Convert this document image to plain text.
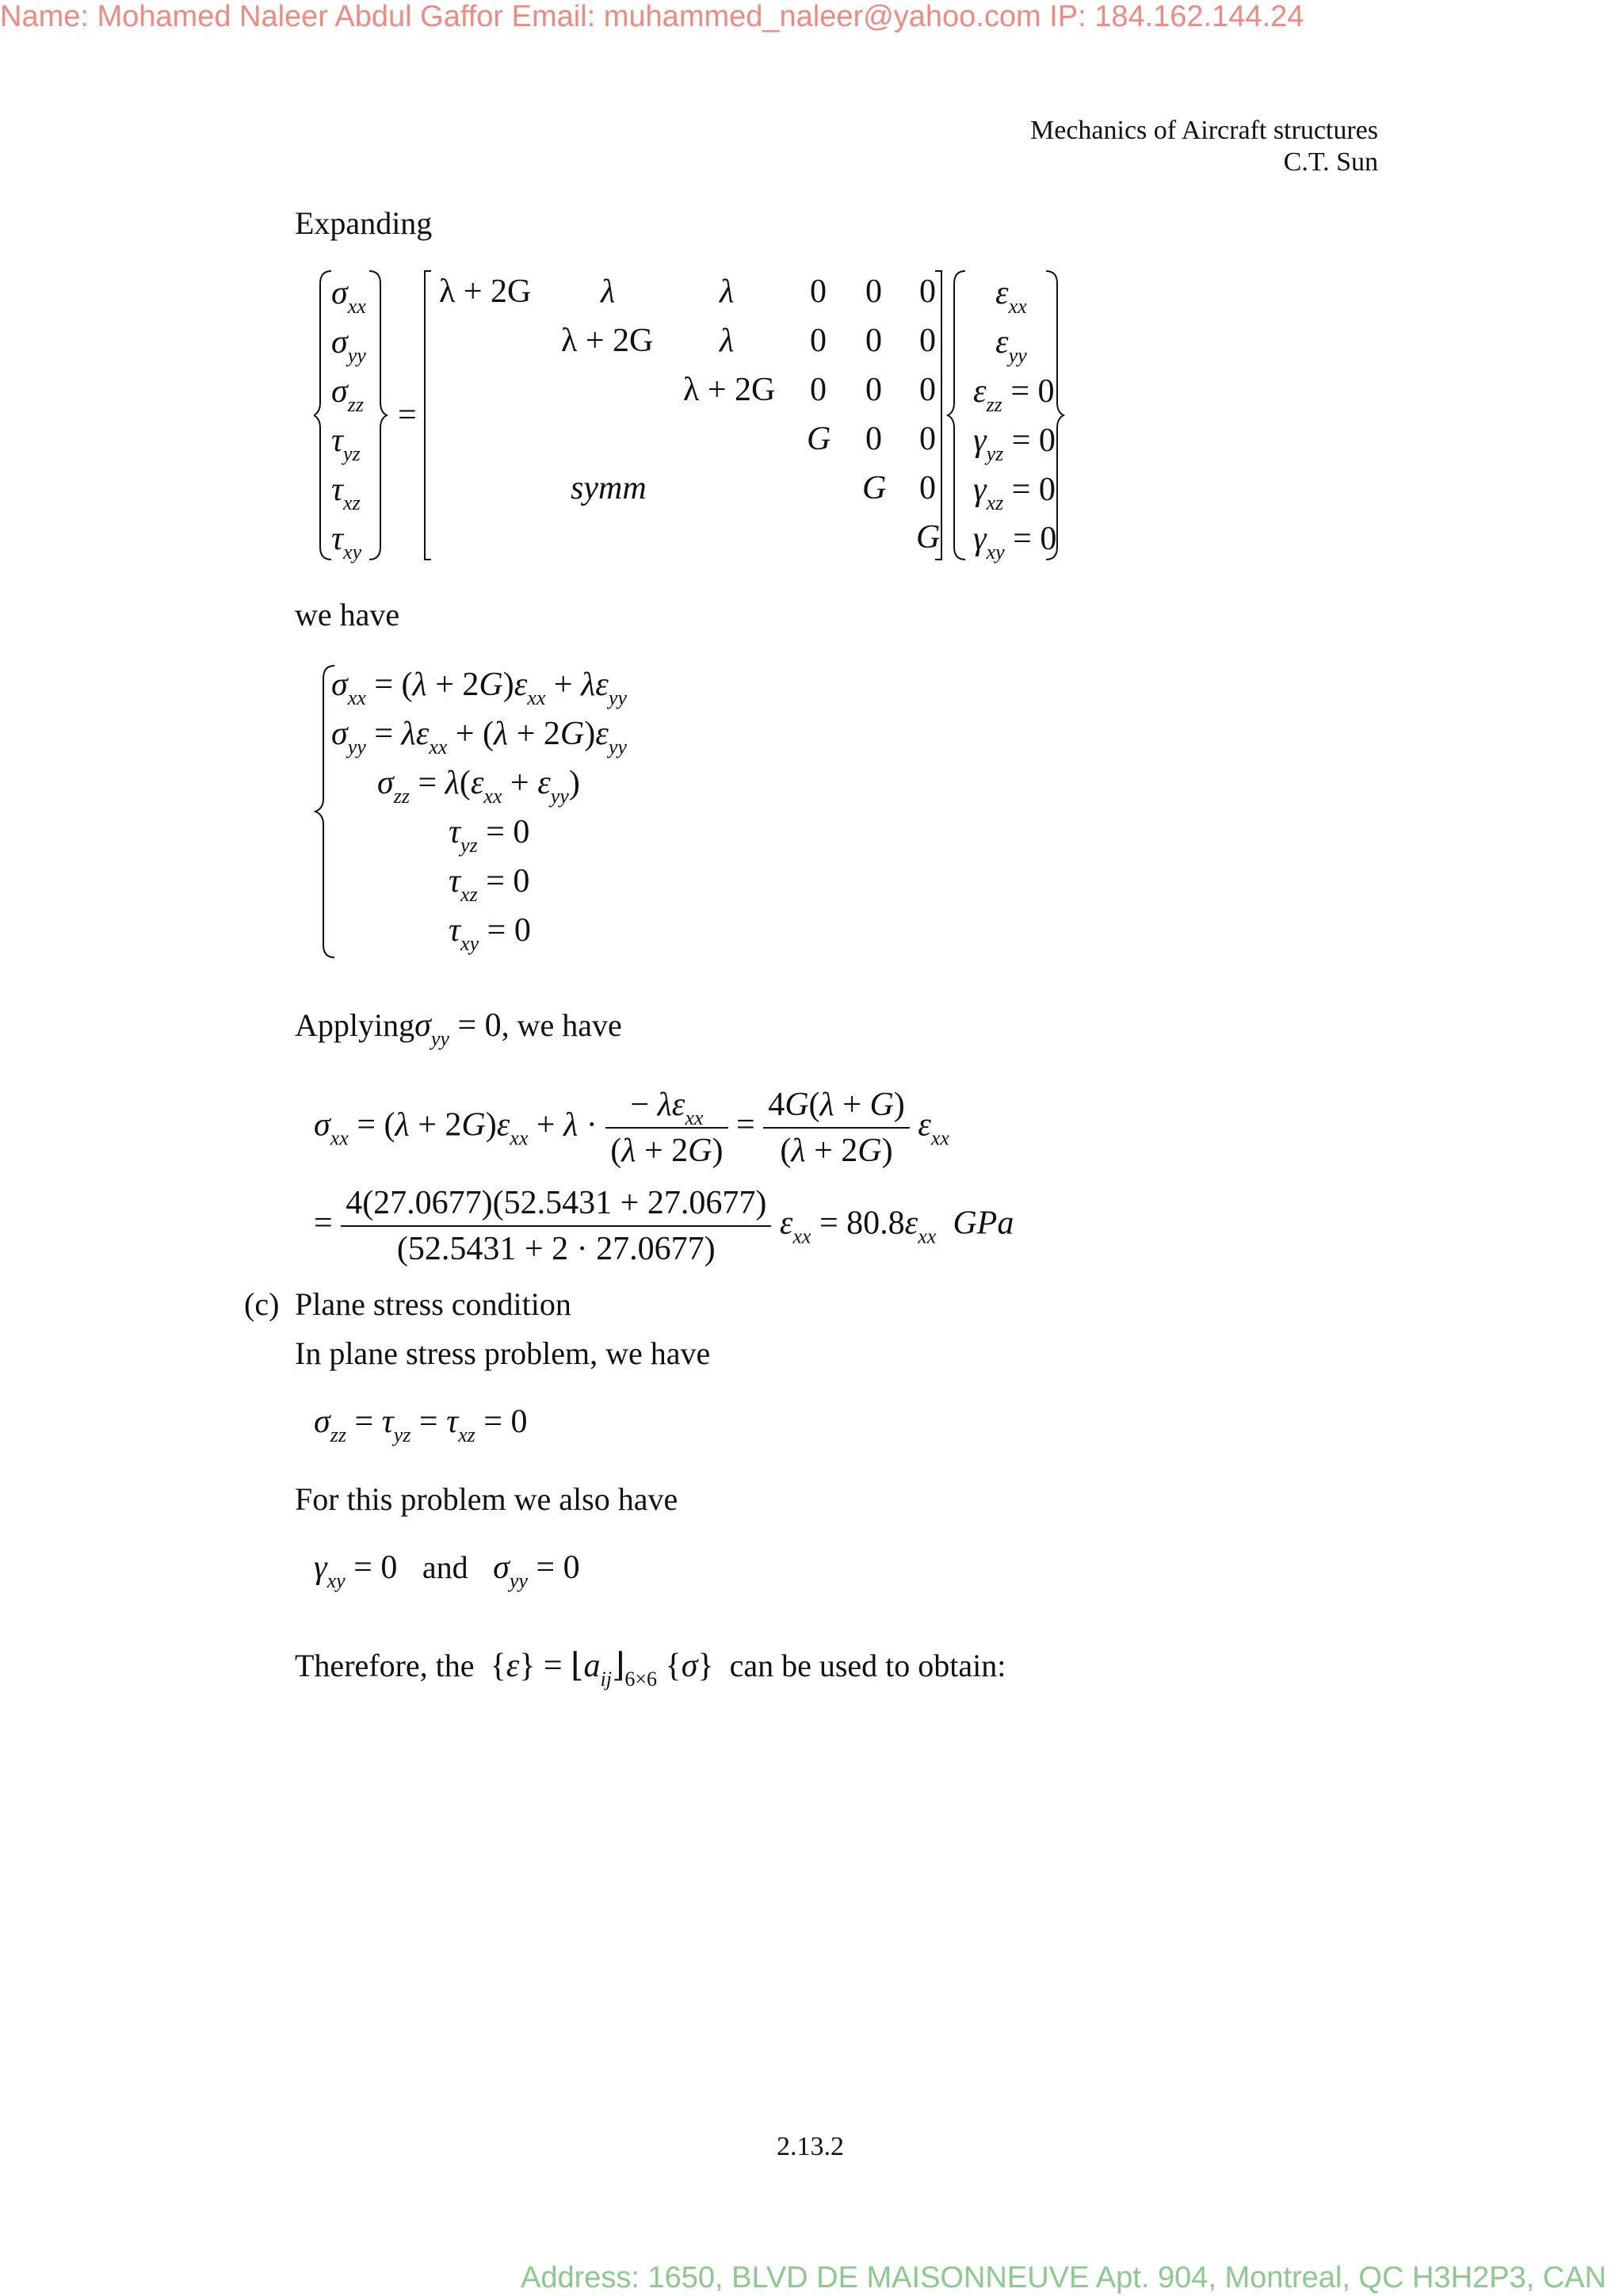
Name: Mohamed Naleer Abdul Gaffor Email: muhammed_naleer@yahoo.com IP: 184.162.144.24
Address: 1650, BLVD DE MAISONNEUVE Apt. 904, Montreal, QC H3H2P3, CAN
Mechanics of Aircraft structures
C.T. Sun
Expanding
$\sigma_{xx}$
$\sigma_{yy}$
$\sigma_{zz}$
$\tau_{yz}$
$\tau_{xz}$
$\tau_{xy}$
=
λ + 2G λ	λ 0 0 0
λ + 2G λ 0 0 0
λ + 2G 0 0 0
G 0 0
symm	G 0
G
$\varepsilon_{xx}$
$\varepsilon_{yy}$
$\varepsilon_{zz} = 0$
$\gamma_{yz} = 0$
$\gamma_{xz} = 0$
$\gamma_{xy} = 0$
we have
$\sigma_{xx} = (\lambda + 2G)\varepsilon_{xx} + \lambda\varepsilon_{yy}$
$\sigma_{yy} = \lambda\varepsilon_{xx} + (\lambda + 2G)\varepsilon_{yy}$
$\sigma_{zz} = \lambda(\varepsilon_{xx} + \varepsilon_{yy})$
$\tau_{yz} = 0$
$\tau_{xz} = 0$
$\tau_{xy} = 0$
Applyingσ$_{yy}$ = 0, we have
$\sigma_{xx} = (\lambda + 2G)\varepsilon_{xx} + \lambda \cdot \frac{- \lambda\varepsilon_{xx}}{(\lambda + 2G)} = \frac{4G(\lambda + G)}{(\lambda + 2G)} \varepsilon_{xx}$
= $\frac{4(27.0677)(52.5431 + 27.0677)}{(52.5431 + 2 \cdot 27.0677)} \varepsilon_{xx} = 80.8\varepsilon_{xx}$ GPa
(c) Plane stress condition
In plane stress problem, we have
$\sigma_{zz} = \tau_{yz} = \tau_{xz} = 0$
For this problem we also have
$\gamma_{xy} = 0$   and $\sigma_{yy} = 0$
Therefore, the $\{\varepsilon\} = ⌊a_{ij}⌋_{6\times 6}$ {σ} can be used to obtain:
2.13.2
